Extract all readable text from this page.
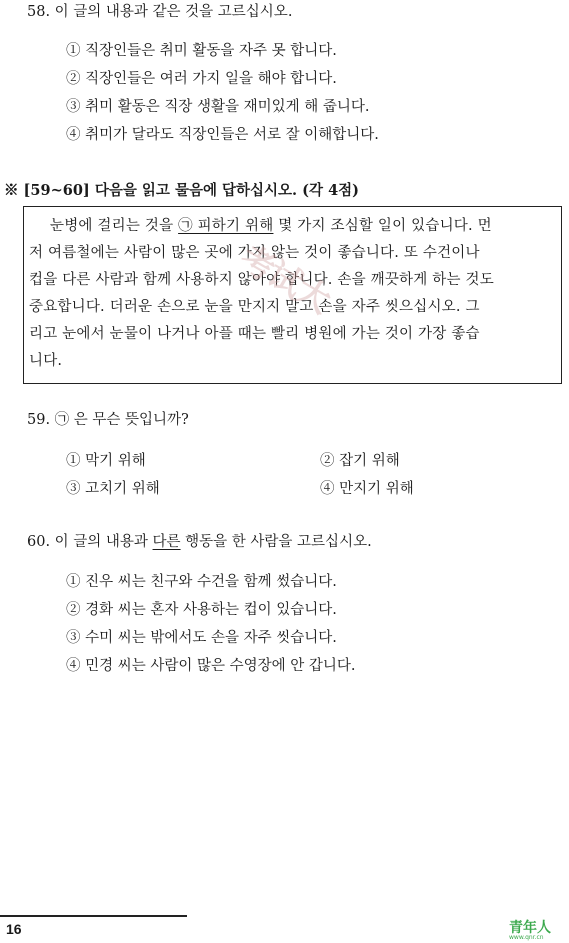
58. 이 글의 내용과 같은 것을 고르십시오.
① 직장인들은 취미 활동을 자주 못 합니다.
② 직장인들은 여러 가지 일을 해야 합니다.
③ 취미 활동은 직장 생활을 재미있게 해 줍니다.
④ 취미가 달라도 직장인들은 서로 잘 이해합니다.
※ [59~60] 다음을 읽고 물음에 답하십시오. (각 4점)
눈병에 걸리는 것을 ㉠ 피하기 위해 몇 가지 조심할 일이 있습니다. 먼
저 여름철에는 사람이 많은 곳에 가지 않는 것이 좋습니다. 또 수건이나
컵을 다른 사람과 함께 사용하지 않아야 합니다. 손을 깨끗하게 하는 것도
중요합니다. 더러운 손으로 눈을 만지지 말고 손을 자주 씻으십시오. 그
리고 눈에서 눈물이 나거나 아플 때는 빨리 병원에 가는 것이 가장 좋습
니다.
考试大
59. ㉠ 은 무슨 뜻입니까?
① 막기 위해	② 잡기 위해
③ 고치기 위해	④ 만지기 위해
60. 이 글의 내용과 다른 행동을 한 사람을 고르십시오.
① 진우 씨는 친구와 수건을 함께 썼습니다.
② 경화 씨는 혼자 사용하는 컵이 있습니다.
③ 수미 씨는 밖에서도 손을 자주 씻습니다.
④ 민경 씨는 사람이 많은 수영장에 안 갑니다.
16	青年人
www.qnr.cn
